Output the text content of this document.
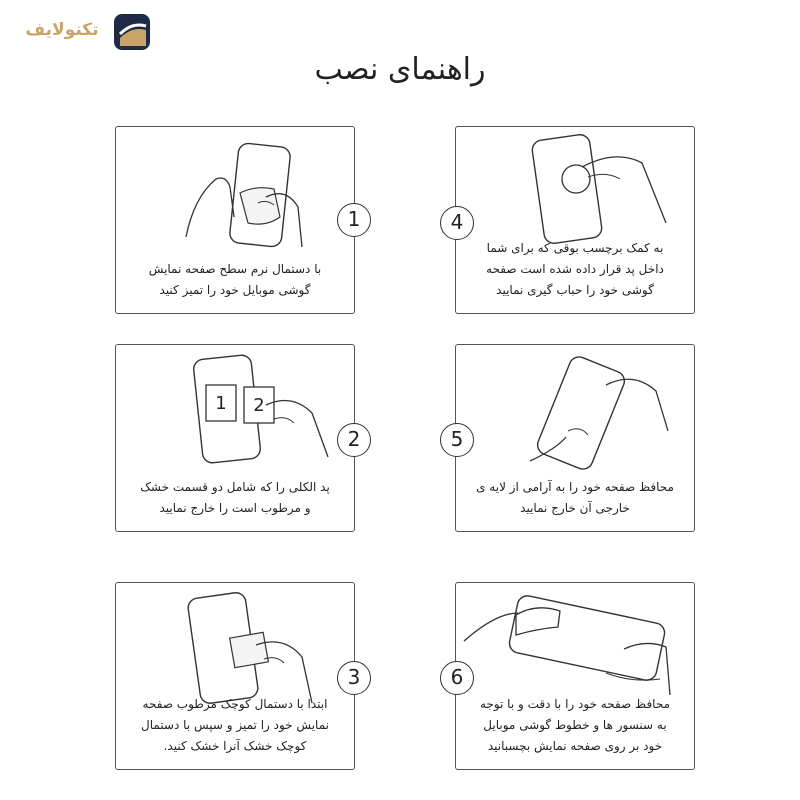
تکنولایف
راهنمای نصب
با دستمال نرم سطح صفحه نمایش
گوشی موبایل خود را تمیز کنید
1
1 2
پد الکلی را که شامل دو قسمت خشک
و مرطوب است را خارج نمایید
2
ابتدا با دستمال کوچک مرطوب صفحه
نمایش خود را تمیز و سپس با دستمال
کوچک خشک آنرا خشک کنید.
3
به کمک برچسب بوقی که برای شما
داخل پد قرار داده شده است صفحه
گوشی خود را حباب گیری نمایید
4
محافظ صفحه خود را به آرامی از لایه ی
خارجی آن خارج نمایید
5
محافظ صفحه خود را با دقت و با توجه
به سنسور ها و خطوط گوشی موبایل
خود بر روی صفحه نمایش بچسبانید
6
